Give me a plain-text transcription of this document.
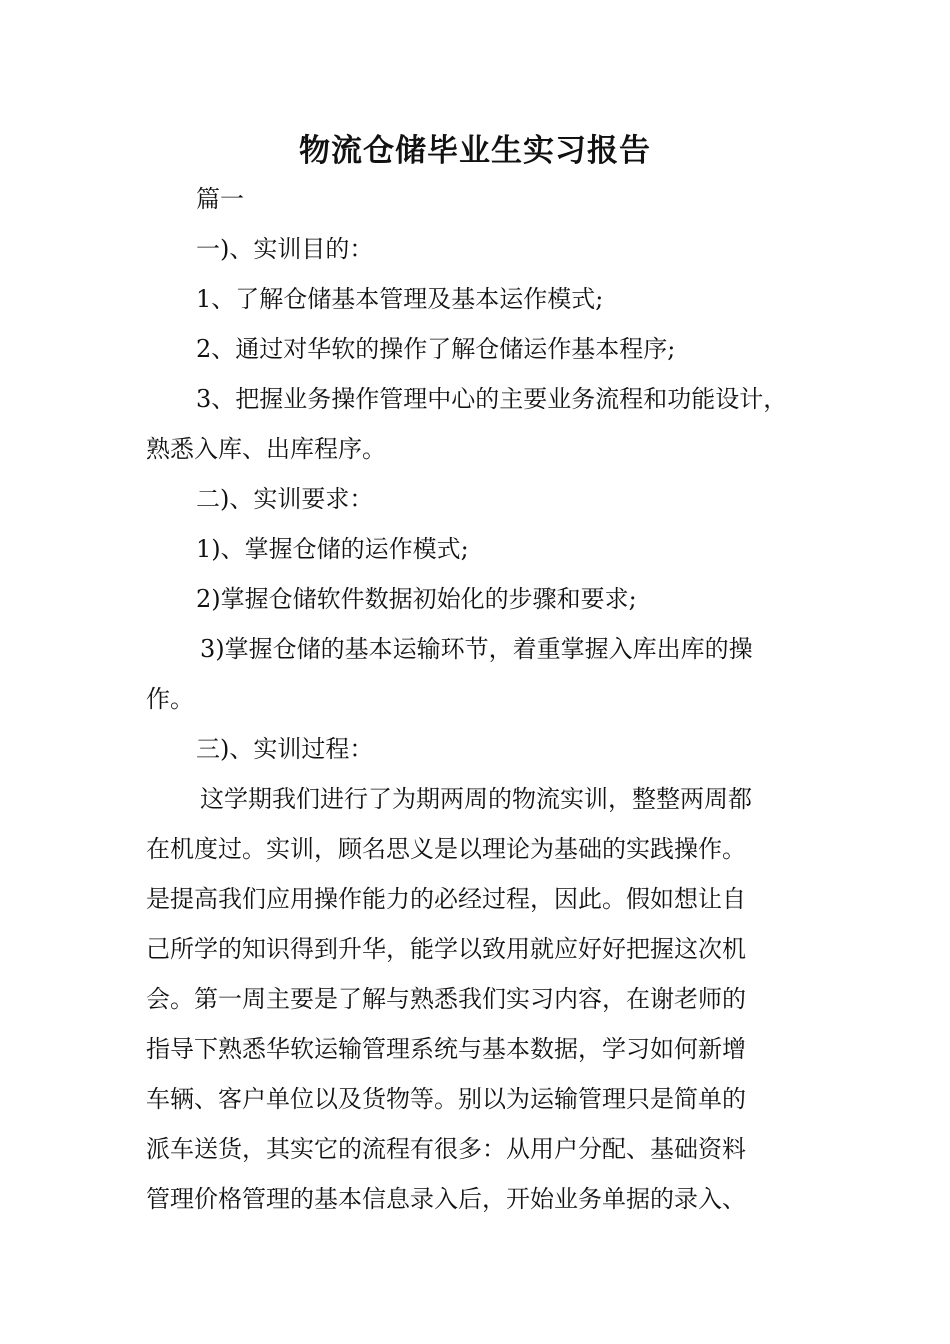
物流仓储毕业生实习报告

篇一

一)、实训目的：

1、了解仓储基本管理及基本运作模式;

2、通过对华软的操作了解仓储运作基本程序;

3、把握业务操作管理中心的主要业务流程和功能设计，

熟悉入库、出库程序。

二)、实训要求：

1)、掌握仓储的运作模式;

2)掌握仓储软件数据初始化的步骤和要求;

3)掌握仓储的基本运输环节，着重掌握入库出库的操

作。

三)、实训过程：

这学期我们进行了为期两周的物流实训，整整两周都

在机度过。实训，顾名思义是以理论为基础的实践操作。

是提高我们应用操作能力的必经过程，因此。假如想让自

己所学的知识得到升华，能学以致用就应好好把握这次机

会。第一周主要是了解与熟悉我们实习内容，在谢老师的

指导下熟悉华软运输管理系统与基本数据，学习如何新增

车辆、客户单位以及货物等。别以为运输管理只是简单的

派车送货，其实它的流程有很多：从用户分配、基础资料

管理价格管理的基本信息录入后，开始业务单据的录入、
